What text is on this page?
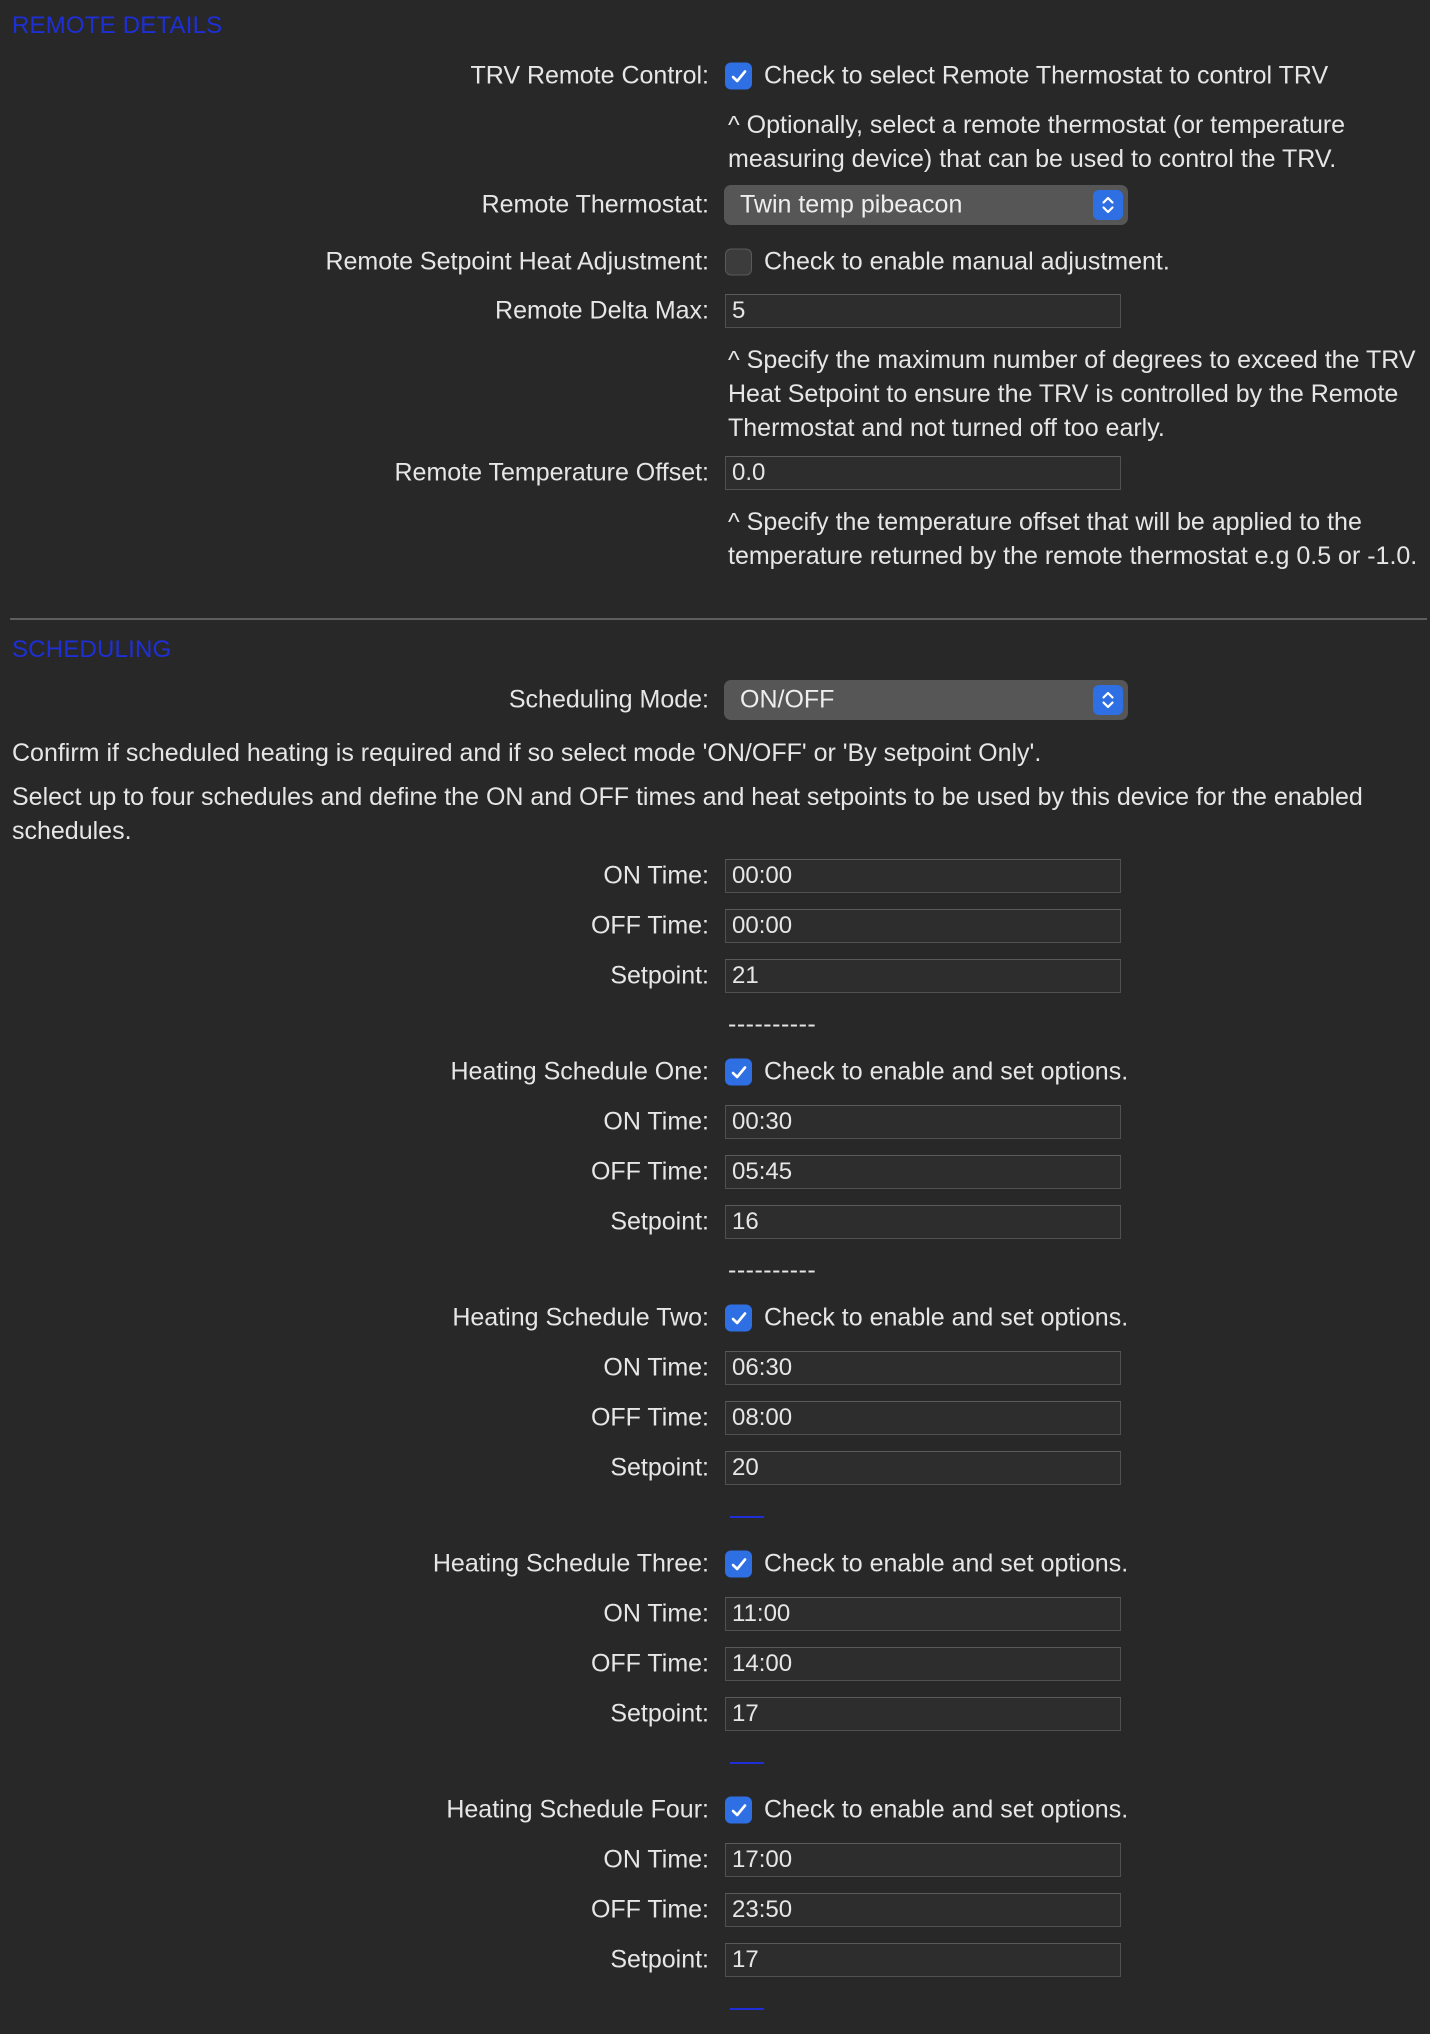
REMOTE DETAILS
TRV Remote Control: Check to select Remote Thermostat to control TRV
^ Optionally, select a remote thermostat (or temperature measuring device) that can be used to control the TRV.
Remote Thermostat: Twin temp pibeacon
Remote Setpoint Heat Adjustment: Check to enable manual adjustment.
Remote Delta Max:
5
^ Specify the maximum number of degrees to exceed the TRV Heat Setpoint to ensure the TRV is controlled by the Remote Thermostat and not turned off too early.
Remote Temperature Offset:
0.0
^ Specify the temperature offset that will be applied to the temperature returned by the remote thermostat e.g 0.5 or -1.0.
SCHEDULING
Scheduling Mode: ON/OFF
Confirm if scheduled heating is required and if so select mode 'ON/OFF' or 'By setpoint Only'.
Select up to four schedules and define the ON and OFF times and heat setpoints to be used by this device for the enabled schedules.
ON Time:
00:00
OFF Time:
00:00
Setpoint:
21
----------
Heating Schedule One: Check to enable and set options.
ON Time:
00:30
OFF Time:
05:45
Setpoint:
16
----------
Heating Schedule Two: Check to enable and set options.
ON Time:
06:30
OFF Time:
08:00
Setpoint:
20
Heating Schedule Three: Check to enable and set options.
ON Time:
11:00
OFF Time:
14:00
Setpoint:
17
Heating Schedule Four: Check to enable and set options.
ON Time:
17:00
OFF Time:
23:50
Setpoint:
17
